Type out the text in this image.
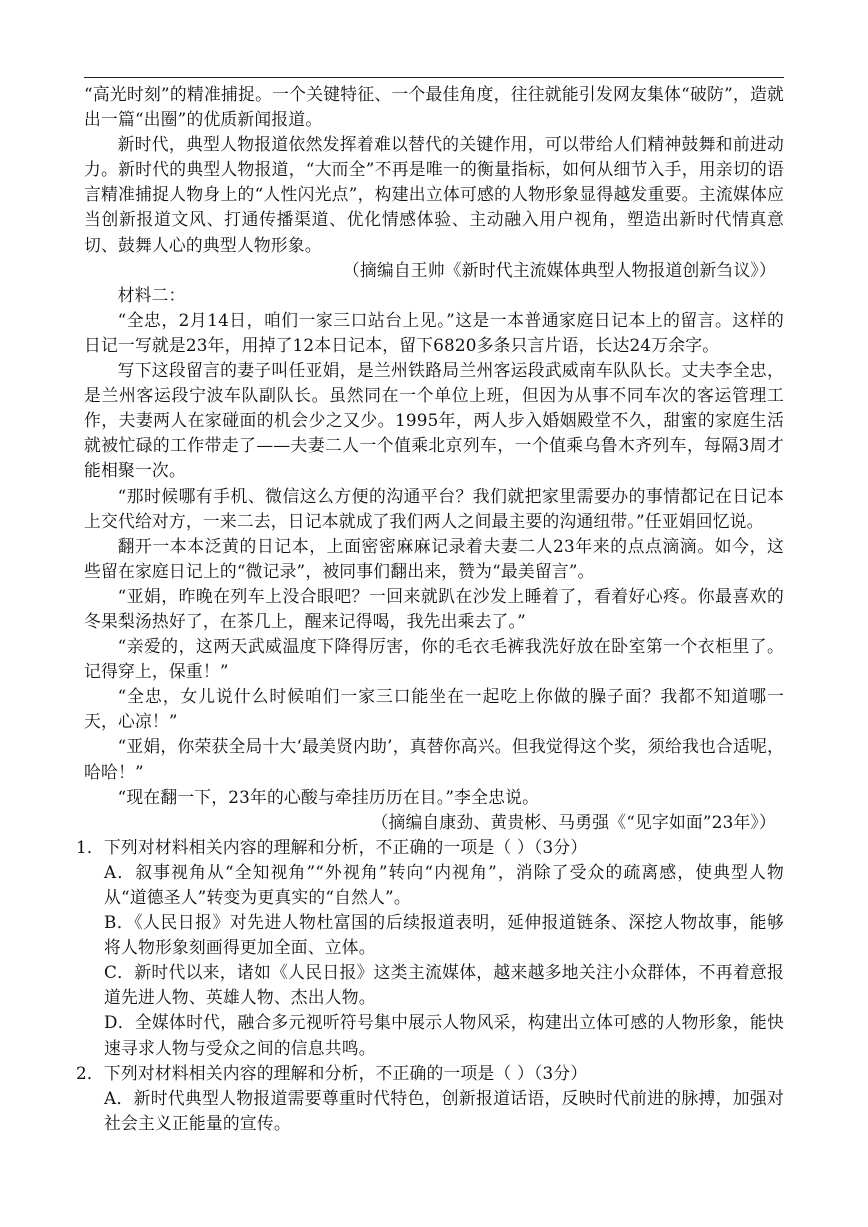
“高光时刻”的精准捕捉。一个关键特征、一个最佳角度，往往就能引发网友集体“破防”，造就出一篇“出圈”的优质新闻报道。

新时代，典型人物报道依然发挥着难以替代的关键作用，可以带给人们精神鼓舞和前进动力。新时代的典型人物报道，“大而全”不再是唯一的衡量指标，如何从细节入手，用亲切的语言精准捕捉人物身上的“人性闪光点”，构建出立体可感的人物形象显得越发重要。主流媒体应当创新报道文风、打通传播渠道、优化情感体验、主动融入用户视角，塑造出新时代情真意切、鼓舞人心的典型人物形象。

（摘编自王帅《新时代主流媒体典型人物报道创新刍议》）

材料二：

“全忠，2月14日，咱们一家三口站台上见。”这是一本普通家庭日记本上的留言。这样的日记一写就是23年，用掉了12本日记本，留下6820多条只言片语，长达24万余字。

写下这段留言的妻子叫任亚娟，是兰州铁路局兰州客运段武威南车队队长。丈夫李全忠，是兰州客运段宁波车队副队长。虽然同在一个单位上班，但因为从事不同车次的客运管理工作，夫妻两人在家碰面的机会少之又少。1995年，两人步入婚姻殿堂不久，甜蜜的家庭生活就被忙碌的工作带走了——夫妻二人一个值乘北京列车，一个值乘乌鲁木齐列车，每隔3周才能相聚一次。

“那时候哪有手机、微信这么方便的沟通平台？我们就把家里需要办的事情都记在日记本上交代给对方，一来二去，日记本就成了我们两人之间最主要的沟通纽带。”任亚娟回忆说。

翻开一本本泛黄的日记本，上面密密麻麻记录着夫妻二人23年来的点点滴滴。如今，这些留在家庭日记上的“微记录”，被同事们翻出来，赞为“最美留言”。

“亚娟，昨晚在列车上没合眼吧？一回来就趴在沙发上睡着了，看着好心疼。你最喜欢的冬果梨汤热好了，在茶几上，醒来记得喝，我先出乘去了。”

“亲爱的，这两天武威温度下降得厉害，你的毛衣毛裤我洗好放在卧室第一个衣柜里了。记得穿上，保重！”

“全忠，女儿说什么时候咱们一家三口能坐在一起吃上你做的臊子面？我都不知道哪一天，心凉！”

“亚娟，你荣获全局十大‘最美贤内助’，真替你高兴。但我觉得这个奖，须给我也合适呢，哈哈！”

“现在翻一下，23年的心酸与牵挂历历在目。”李全忠说。

（摘编自康劲、黄贵彬、马勇强《“见字如面”23年》）

1．下列对材料相关内容的理解和分析，不正确的一项是（ ）（3分）

A．叙事视角从“全知视角”“外视角”转向“内视角”，消除了受众的疏离感，使典型人物从“道德圣人”转变为更真实的“自然人”。

B．《人民日报》对先进人物杜富国的后续报道表明，延伸报道链条、深挖人物故事，能够将人物形象刻画得更加全面、立体。

C．新时代以来，诸如《人民日报》这类主流媒体，越来越多地关注小众群体，不再着意报道先进人物、英雄人物、杰出人物。

D．全媒体时代，融合多元视听符号集中展示人物风采，构建出立体可感的人物形象，能快速寻求人物与受众之间的信息共鸣。

2．下列对材料相关内容的理解和分析，不正确的一项是（ ）（3分）

A．新时代典型人物报道需要尊重时代特色，创新报道话语，反映时代前进的脉搏，加强对社会主义正能量的宣传。
